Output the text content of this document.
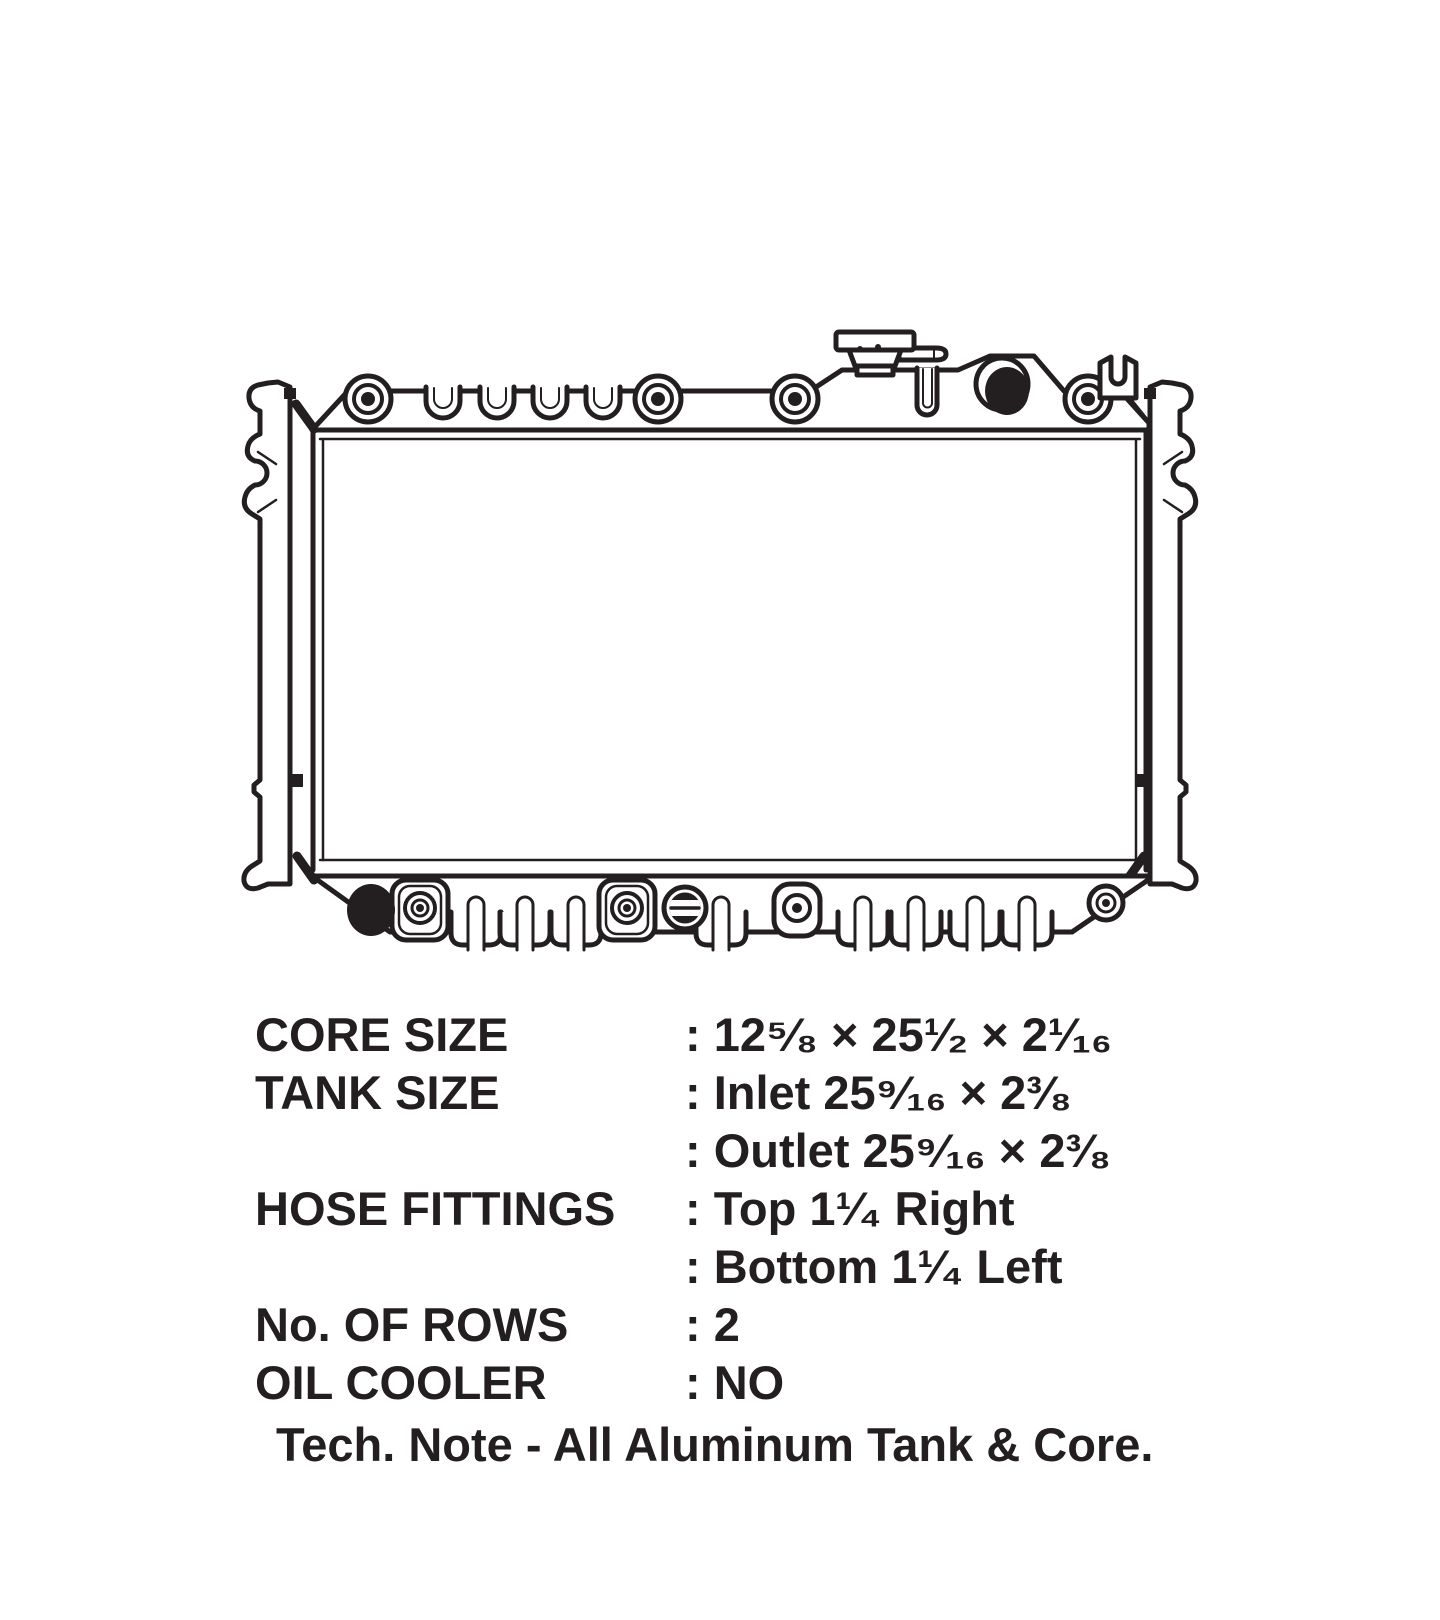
CORE SIZE	: 12⁵⁄₈ × 25¹⁄₂ × 2¹⁄₁₆
TANK SIZE	: Inlet 25⁹⁄₁₆ × 2³⁄₈
: Outlet 25⁹⁄₁₆ × 2³⁄₈
HOSE FITTINGS	: Top 1¹⁄₄ Right
: Bottom 1¹⁄₄ Left
No. OF ROWS	: 2
OIL COOLER	: NO
Tech. Note - All Aluminum Tank & Core.
